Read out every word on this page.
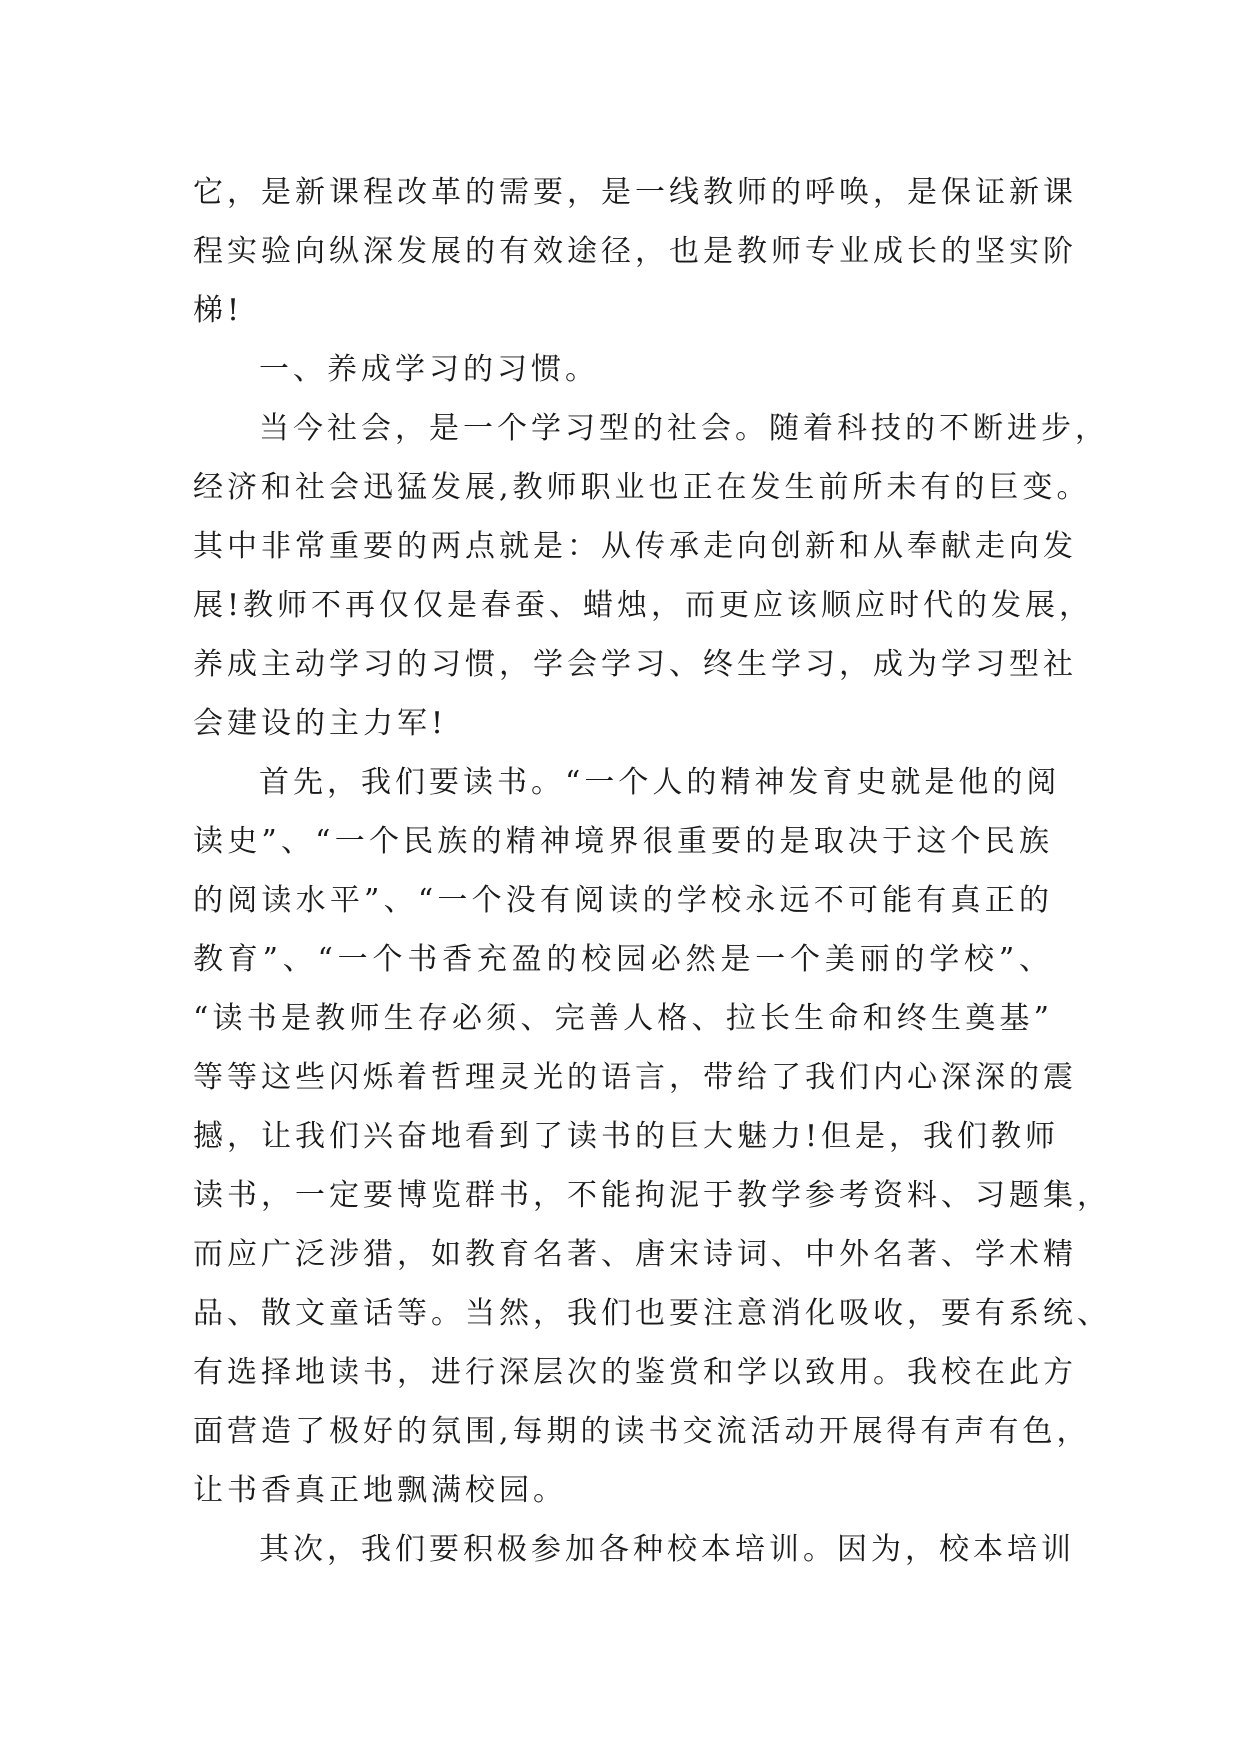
它，是新课程改革的需要，是一线教师的呼唤，是保证新课
程实验向纵深发展的有效途径，也是教师专业成长的坚实阶
梯!
一、养成学习的习惯。
当今社会，是一个学习型的社会。随着科技的不断进步，
经济和社会迅猛发展,教师职业也正在发生前所未有的巨变。
其中非常重要的两点就是：从传承走向创新和从奉献走向发
展!教师不再仅仅是春蚕、蜡烛，而更应该顺应时代的发展，
养成主动学习的习惯，学会学习、终生学习，成为学习型社
会建设的主力军!
首先，我们要读书。“一个人的精神发育史就是他的阅
读史”、“一个民族的精神境界很重要的是取决于这个民族
的阅读水平”、“一个没有阅读的学校永远不可能有真正的
教育”、“一个书香充盈的校园必然是一个美丽的学校”、
“读书是教师生存必须、完善人格、拉长生命和终生奠基”
等等这些闪烁着哲理灵光的语言，带给了我们内心深深的震
撼，让我们兴奋地看到了读书的巨大魅力!但是，我们教师
读书，一定要博览群书，不能拘泥于教学参考资料、习题集，
而应广泛涉猎，如教育名著、唐宋诗词、中外名著、学术精
品、散文童话等。当然，我们也要注意消化吸收，要有系统、
有选择地读书，进行深层次的鉴赏和学以致用。我校在此方
面营造了极好的氛围,每期的读书交流活动开展得有声有色，
让书香真正地飘满校园。
其次，我们要积极参加各种校本培训。因为，校本培训
